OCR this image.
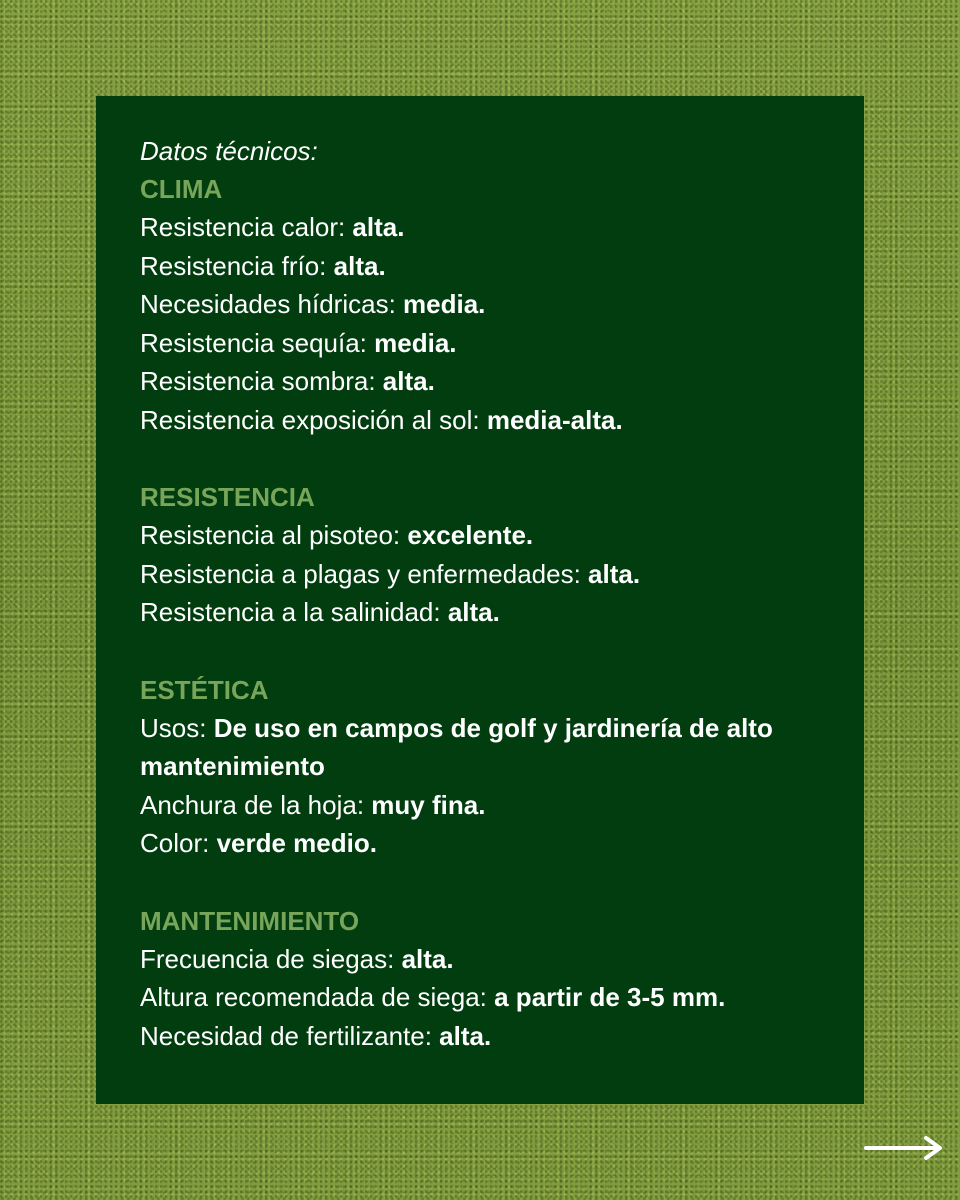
Datos técnicos:

CLIMA

Resistencia calor: alta.

Resistencia frío: alta.

Necesidades hídricas: media.

Resistencia sequía: media.

Resistencia sombra: alta.

Resistencia exposición al sol: media-alta.

RESISTENCIA

Resistencia al pisoteo: excelente.

Resistencia a plagas y enfermedades: alta.

Resistencia a la salinidad: alta.

ESTÉTICA

Usos: De uso en campos de golf y jardinería de alto mantenimiento

Anchura de la hoja: muy fina.

Color: verde medio.

MANTENIMIENTO

Frecuencia de siegas: alta.

Altura recomendada de siega: a partir de 3-5 mm.

Necesidad de fertilizante: alta.
